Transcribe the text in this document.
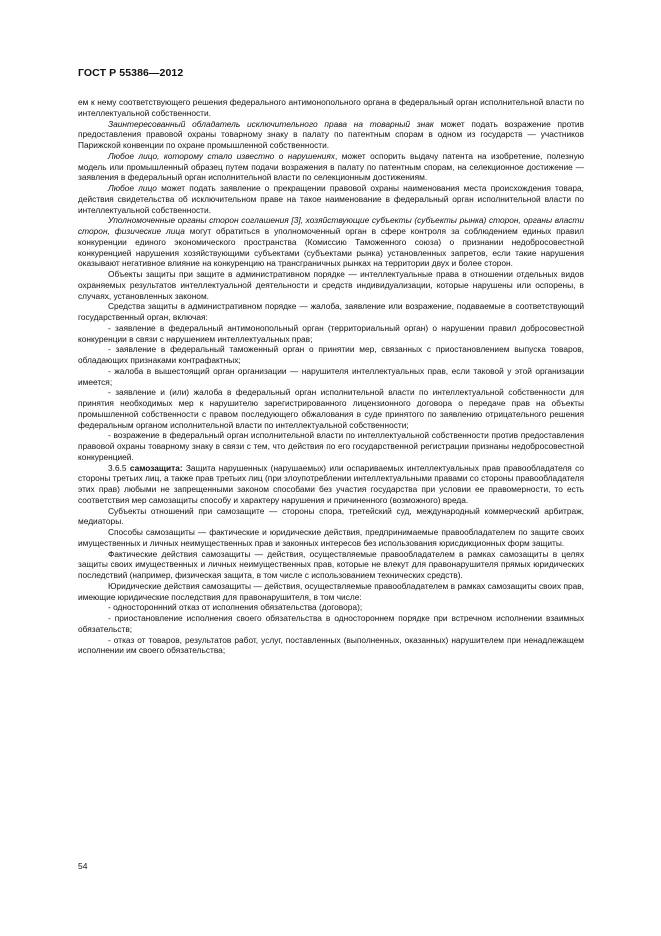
ГОСТ Р 55386—2012

ем к нему соответствующего решения федерального антимонопольного органа в федеральный орган исполнительной власти по интеллектуальной собственности.

Заинтересованный обладатель исключительного права на товарный знак может подать возражение против предоставления правовой охраны товарному знаку в палату по патентным спорам в одном из государств — участников Парижской конвенции по охране промышленной собственности.

Любое лицо, которому стало известно о нарушениях, может оспорить выдачу патента на изобретение, полезную модель или промышленный образец путем подачи возражения в палату по патентным спорам, на селекционное достижение — заявления в федеральный орган исполнительной власти по селекционным достижениям.

Любое лицо может подать заявление о прекращении правовой охраны наименования места происхождения товара, действия свидетельства об исключительном праве на такое наименование в федеральный орган исполнительной власти по интеллектуальной собственности.

Уполномоченные органы сторон соглашения [3], хозяйствующие субъекты (субъекты рынка) сторон, органы власти сторон, физические лица могут обратиться в уполномоченный орган в сфере контроля за соблюдением единых правил конкуренции единого экономического пространства (Комиссию Таможенного союза) о признании недобросовестной конкуренцией нарушения хозяйствующими субъектами (субъектами рынка) установленных запретов, если такие нарушения оказывают негативное влияние на конкуренцию на трансграничных рынках на территории двух и более сторон.

Объекты защиты при защите в административном порядке — интеллектуальные права в отношении отдельных видов охраняемых результатов интеллектуальной деятельности и средств индивидуализации, которые нарушены или оспорены, в случаях, установленных законом.

Средства защиты в административном порядке — жалоба, заявление или возражение, подаваемые в соответствующий государственный орган, включая:

- заявление в федеральный антимонопольный орган (территориальный орган) о нарушении правил добросовестной конкуренции в связи с нарушением интеллектуальных прав;

- заявление в федеральный таможенный орган о принятии мер, связанных с приостановлением выпуска товаров, обладающих признаками контрафактных;

- жалоба в вышестоящий орган организации — нарушителя интеллектуальных прав, если таковой у этой организации имеется;

- заявление и (или) жалоба в федеральный орган исполнительной власти по интеллектуальной собственности для принятия необходимых мер к нарушителю зарегистрированного лицензионного договора о передаче прав на объекты промышленной собственности с правом последующего обжалования в суде принятого по заявлению отрицательного решения федеральным органом исполнительной власти по интеллектуальной собственности;

- возражение в федеральный орган исполнительной власти по интеллектуальной собственности против предоставления правовой охраны товарному знаку в связи с тем, что действия по его государственной регистрации признаны недобросовестной конкуренцией.

3.6.5 самозащита: Защита нарушенных (нарушаемых) или оспариваемых интеллектуальных прав правообладателя со стороны третьих лиц, а также прав третьих лиц (при злоупотреблении интеллектуальными правами со стороны правообладателя этих прав) любыми не запрещенными законом способами без участия государства при условии ее правомерности, то есть соответствия мер самозащиты способу и характеру нарушения и причиненного (возможного) вреда.

Субъекты отношений при самозащите — стороны спора, третейский суд, международный коммерческий арбитраж, медиаторы.

Способы самозащиты — фактические и юридические действия, предпринимаемые правообладателем по защите своих имущественных и личных неимущественных прав и законных интересов без использования юрисдикционных форм защиты.

Фактические действия самозащиты — действия, осуществляемые правообладателем в рамках самозащиты в целях защиты своих имущественных и личных неимущественных прав, которые не влекут для правонарушителя прямых юридических последствий (например, физическая защита, в том числе с использованием технических средств).

Юридические действия самозащиты — действия, осуществляемые правообладателем в рамках самозащиты своих прав, имеющие юридические последствия для правонарушителя, в том числе:

- одностороннний отказ от исполнения обязательства (договора);

- приостановление исполнения своего обязательства в одностороннем порядке при встречном исполнении взаимных обязательств;

- отказ от товаров, результатов работ, услуг, поставленных (выполненных, оказанных) нарушителем при ненадлежащем исполнении им своего обязательства;

54
